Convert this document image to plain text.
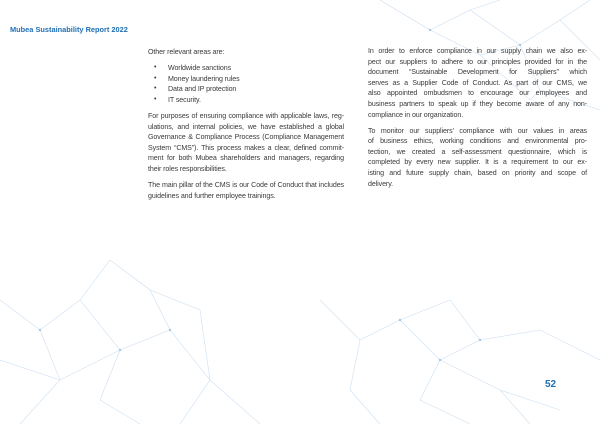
Mubea Sustainability Report 2022
Other relevant areas are:
•	Worldwide sanctions
•	Money laundering rules
•	Data and IP protection
•	IT security.
For purposes of ensuring compliance with applicable laws, reg-
ulations, and internal policies, we have established a global
Governance & Compliance Process (Compliance Management
System “CMS”). This process makes a clear, defined commit-
ment for both Mubea shareholders and managers, regarding
their roles responsibilities.
The main pillar of the CMS is our Code of Conduct that includes
guidelines and further employee trainings.
In order to enforce compliance in our supply chain we also ex-
pect our suppliers to adhere to our principles provided for in the
document “Sustainable Development for Suppliers” which
serves as a Supplier Code of Conduct. As part of our CMS, we
also appointed ombudsmen to encourage our employees and
business partners to speak up if they become aware of any non-
compliance in our organization.
To monitor our suppliers’ compliance with our values in areas
of business ethics, working conditions and environmental pro-
tection, we created a self-assessment questionnaire, which is
completed by every new supplier. It is a requirement to our ex-
isting and future supply chain, based on priority and scope of
delivery.
52
